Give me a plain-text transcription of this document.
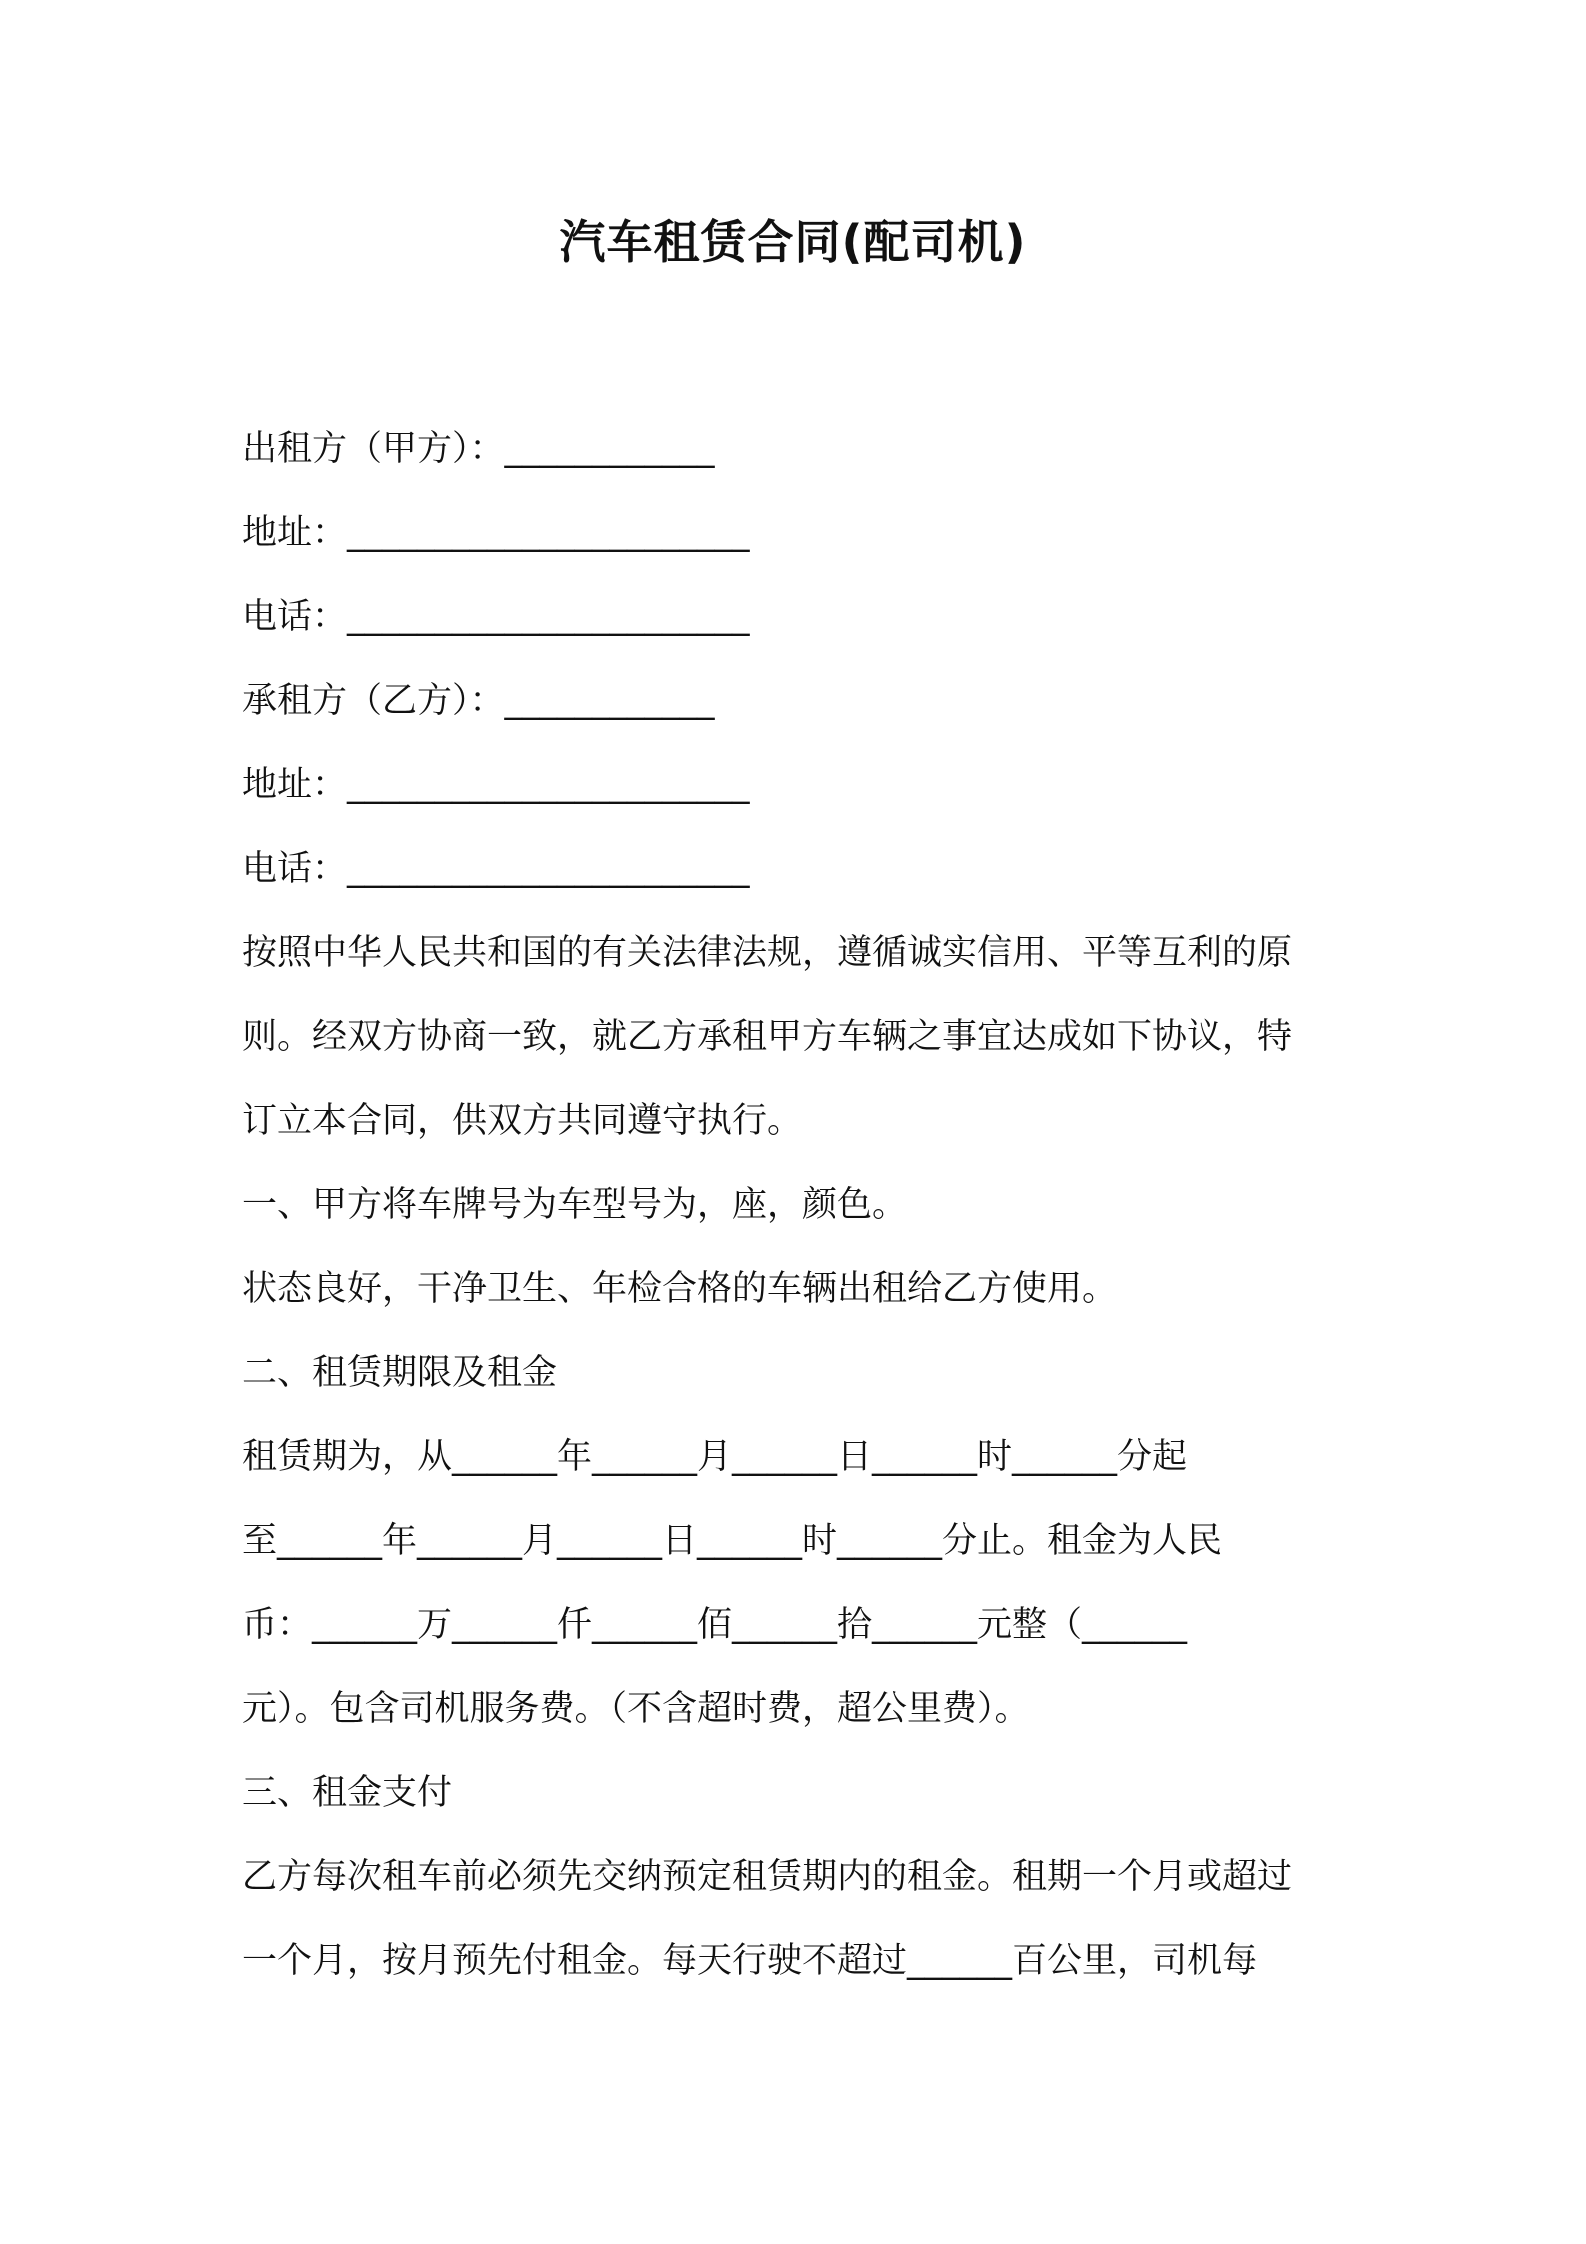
汽车租赁合同(配司机)

出租方（甲方）：____________

地址：_______________________

电话：_______________________

承租方（乙方）：____________

地址：_______________________

电话：_______________________

按照中华人民共和国的有关法律法规，遵循诚实信用、平等互利的原

则。经双方协商一致，就乙方承租甲方车辆之事宜达成如下协议，特

订立本合同，供双方共同遵守执行。

一、甲方将车牌号为车型号为，座，颜色。

状态良好，干净卫生、年检合格的车辆出租给乙方使用。

二、租赁期限及租金

租赁期为，从______年______月______日______时______分起

至______年______月______日______时______分止。租金为人民

币：______万______仟______佰______拾______元整（______

元）。包含司机服务费。（不含超时费，超公里费）。

三、租金支付

乙方每次租车前必须先交纳预定租赁期内的租金。租期一个月或超过

一个月，按月预先付租金。每天行驶不超过______百公里，司机每
